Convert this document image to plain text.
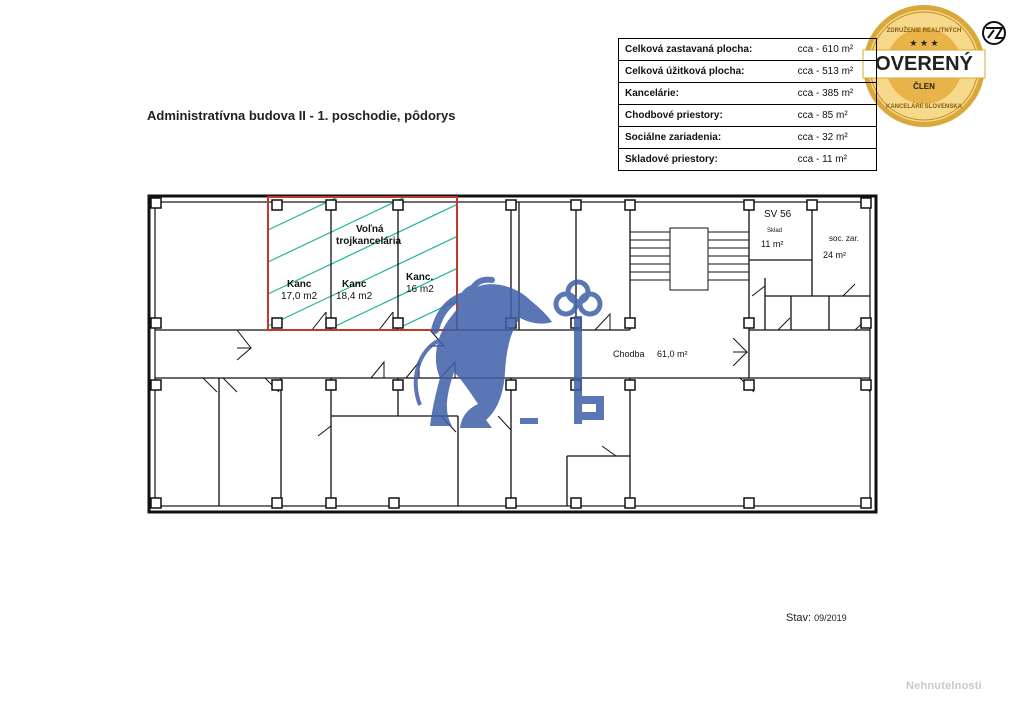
Administratívna budova II - 1. poschodie, pôdorys
Celková zastavaná plocha:	cca - 610 m²
Celková úžitková plocha:	cca - 513 m²
Kancelárie:	cca - 385 m²
Chodbové priestory:	cca - 85 m²
Sociálne zariadenia:	cca - 32 m²
Skladové priestory:	cca - 11 m²
Voľná
trojkancelária
Kanc
17,0 m2
Kanc
18,4 m2
Kanc.
16 m2
SV 56
Sklad
11 m²
soc. zar.
24 m²
Chodba 61,0 m²
OVERENÝ
ČLEN
ZDRUŽENIE REALITNÝCH
KANCELÁRIÍ SLOVENSKA
★ ★ ★
Stav: 09/2019
Nehnutelnosti
